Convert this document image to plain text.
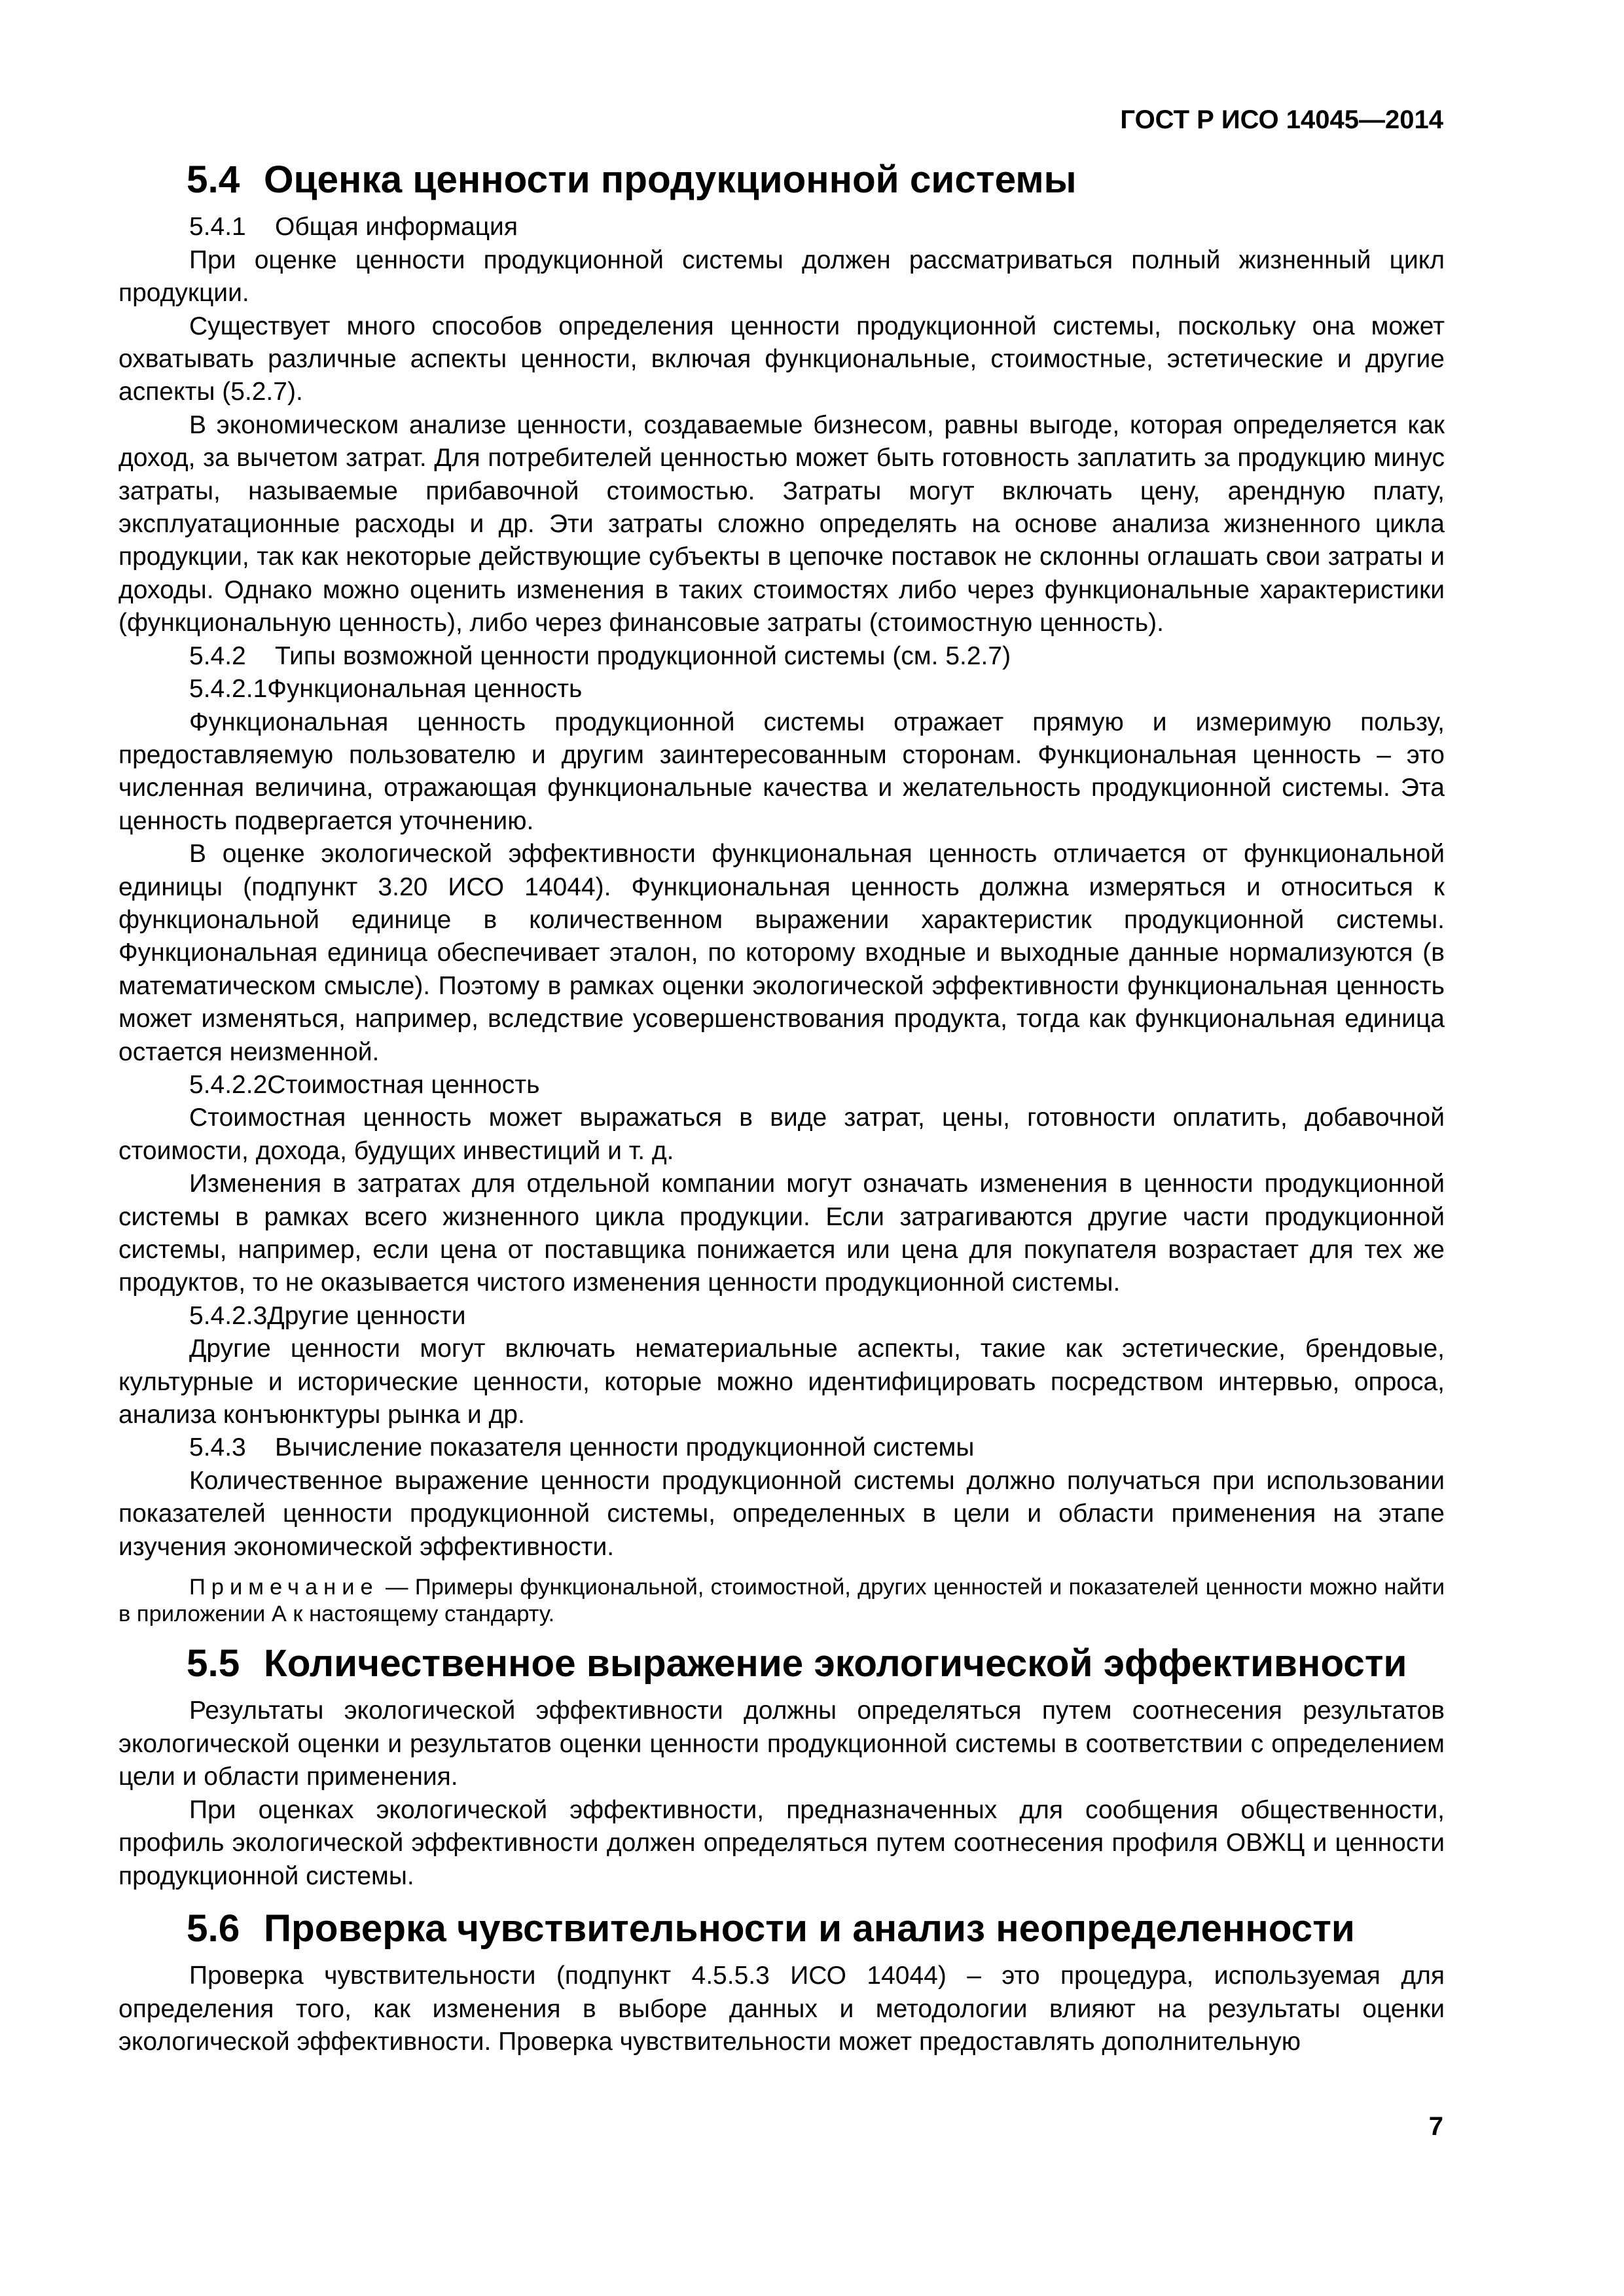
ГОСТ Р ИСО 14045—2014
5.4 Оценка ценности продукционной системы

5.4.1 Общая информация

При оценке ценности продукционной системы должен рассматриваться полный жизненный цикл продукции.

Существует много способов определения ценности продукционной системы, поскольку она может охватывать различные аспекты ценности, включая функциональные, стоимостные, эстетические и другие аспекты (5.2.7).

В экономическом анализе ценности, создаваемые бизнесом, равны выгоде, которая определяется как доход, за вычетом затрат. Для потребителей ценностью может быть готовность заплатить за продукцию минус затраты, называемые прибавочной стоимостью. Затраты могут включать цену, арендную плату, эксплуатационные расходы и др. Эти затраты сложно определять на основе анализа жизненного цикла продукции, так как некоторые действующие субъекты в цепочке поставок не склонны оглашать свои затраты и доходы. Однако можно оценить изменения в таких стоимостях либо через функциональные характеристики (функциональную ценность), либо через финансовые затраты (стоимостную ценность).

5.4.2 Типы возможной ценности продукционной системы (см. 5.2.7)

5.4.2.1Функциональная ценность

Функциональная ценность продукционной системы отражает прямую и измеримую пользу, предоставляемую пользователю и другим заинтересованным сторонам. Функциональная ценность – это численная величина, отражающая функциональные качества и желательность продукционной системы. Эта ценность подвергается уточнению.

В оценке экологической эффективности функциональная ценность отличается от функциональной единицы (подпункт 3.20 ИСО 14044). Функциональная ценность должна измеряться и относиться к функциональной единице в количественном выражении характеристик продукционной системы. Функциональная единица обеспечивает эталон, по которому входные и выходные данные нормализуются (в математическом смысле). Поэтому в рамках оценки экологической эффективности функциональная ценность может изменяться, например, вследствие усовершенствования продукта, тогда как функциональная единица остается неизменной.

5.4.2.2Стоимостная ценность

Стоимостная ценность может выражаться в виде затрат, цены, готовности оплатить, добавочной стоимости, дохода, будущих инвестиций и т. д.

Изменения в затратах для отдельной компании могут означать изменения в ценности продукционной системы в рамках всего жизненного цикла продукции. Если затрагиваются другие части продукционной системы, например, если цена от поставщика понижается или цена для покупателя возрастает для тех же продуктов, то не оказывается чистого изменения ценности продукционной системы.

5.4.2.3Другие ценности

Другие ценности могут включать нематериальные аспекты, такие как эстетические, брендовые, культурные и исторические ценности, которые можно идентифицировать посредством интервью, опроса, анализа конъюнктуры рынка и др.

5.4.3 Вычисление показателя ценности продукционной системы

Количественное выражение ценности продукционной системы должно получаться при использовании показателей ценности продукционной системы, определенных в цели и области применения на этапе изучения экономической эффективности.

Примечание — Примеры функциональной, стоимостной, других ценностей и показателей ценности можно найти в приложении А к настоящему стандарту.

5.5 Количественное выражение экологической эффективности

Результаты экологической эффективности должны определяться путем соотнесения результатов экологической оценки и результатов оценки ценности продукционной системы в соответствии с определением цели и области применения.

При оценках экологической эффективности, предназначенных для сообщения общественности, профиль экологической эффективности должен определяться путем соотнесения профиля ОВЖЦ и ценности продукционной системы.

5.6 Проверка чувствительности и анализ неопределенности

Проверка чувствительности (подпункт 4.5.5.3 ИСО 14044) – это процедура, используемая для определения того, как изменения в выборе данных и методологии влияют на результаты оценки экологической эффективности. Проверка чувствительности может предоставлять дополнительную

7
